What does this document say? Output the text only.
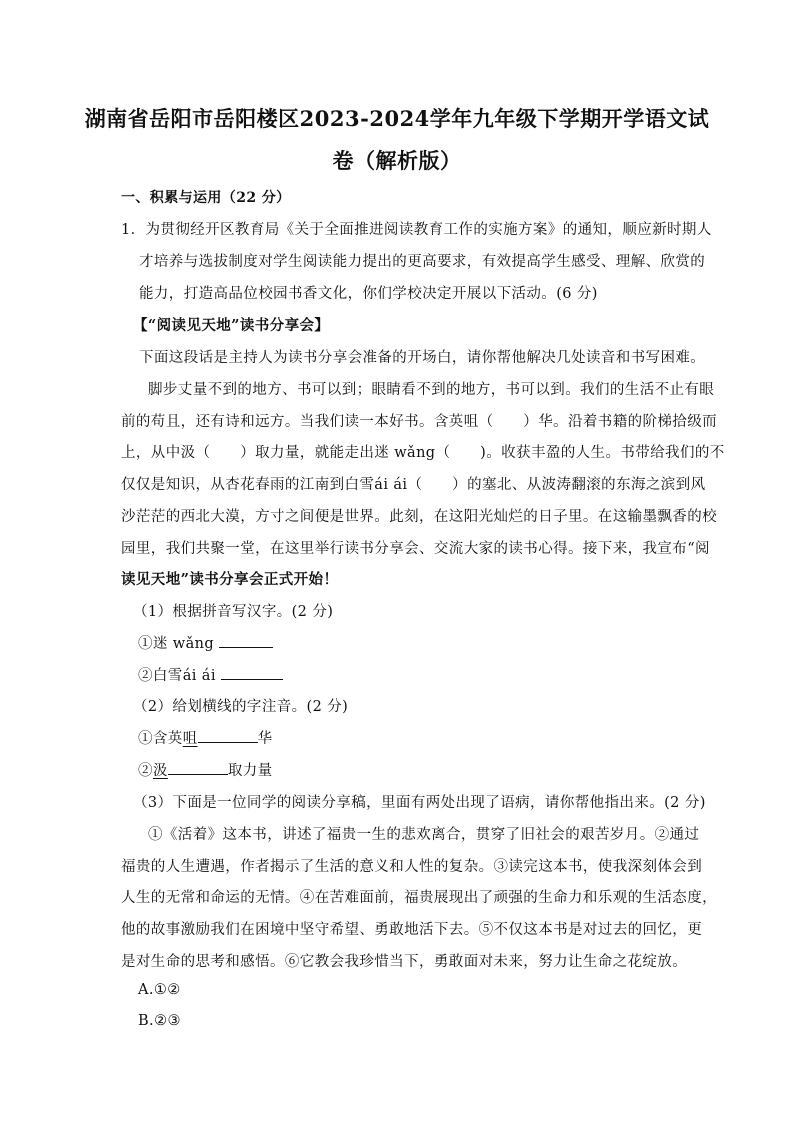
湖南省岳阳市岳阳楼区2023-2024学年九年级下学期开学语文试
卷（解析版）
一、积累与运用（22 分）
1．为贯彻经开区教育局《关于全面推进阅读教育工作的实施方案》的通知，顺应新时期人
才培养与选拔制度对学生阅读能力提出的更高要求，有效提高学生感受、理解、欣赏的
能力，打造高品位校园书香文化，你们学校决定开展以下活动。(6 分)
【“阅读见天地”读书分享会】
下面这段话是主持人为读书分享会准备的开场白，请你帮他解决几处读音和书写困难。
脚步丈量不到的地方、书可以到；眼睛看不到的地方，书可以到。我们的生活不止有眼
前的苟且，还有诗和远方。当我们读一本好书。含英咀（　　）华。沿着书籍的阶梯拾级而
上，从中汲（　　）取力量，就能走出迷 wǎng（　　)。收获丰盈的人生。书带给我们的不
仅仅是知识，从杏花春雨的江南到白雪ái ái（　　）的塞北、从波涛翻滚的东海之滨到风
沙茫茫的西北大漠，方寸之间便是世界。此刻，在这阳光灿烂的日子里。在这输墨飘香的校
园里，我们共聚一堂，在这里举行读书分享会、交流大家的读书心得。接下来，我宣布“阅
读见天地”读书分享会正式开始！
（1）根据拼音写汉字。(2 分)
①迷 wǎng
②白雪ái ái
（2）给划横线的字注音。(2 分)
①含英咀	华
②汲	取力量
（3）下面是一位同学的阅读分享稿，里面有两处出现了语病，请你帮他指出来。(2 分)
①《活着》这本书，讲述了福贵一生的悲欢离合，贯穿了旧社会的艰苦岁月。②通过
福贵的人生遭遇，作者揭示了生活的意义和人性的复杂。③读完这本书，使我深刻体会到
人生的无常和命运的无情。④在苦难面前，福贵展现出了顽强的生命力和乐观的生活态度，
他的故事激励我们在困境中坚守希望、勇敢地活下去。⑤不仅这本书是对过去的回忆，更
是对生命的思考和感悟。⑥它教会我珍惜当下，勇敢面对未来，努力让生命之花绽放。
A.①②
B.②③
